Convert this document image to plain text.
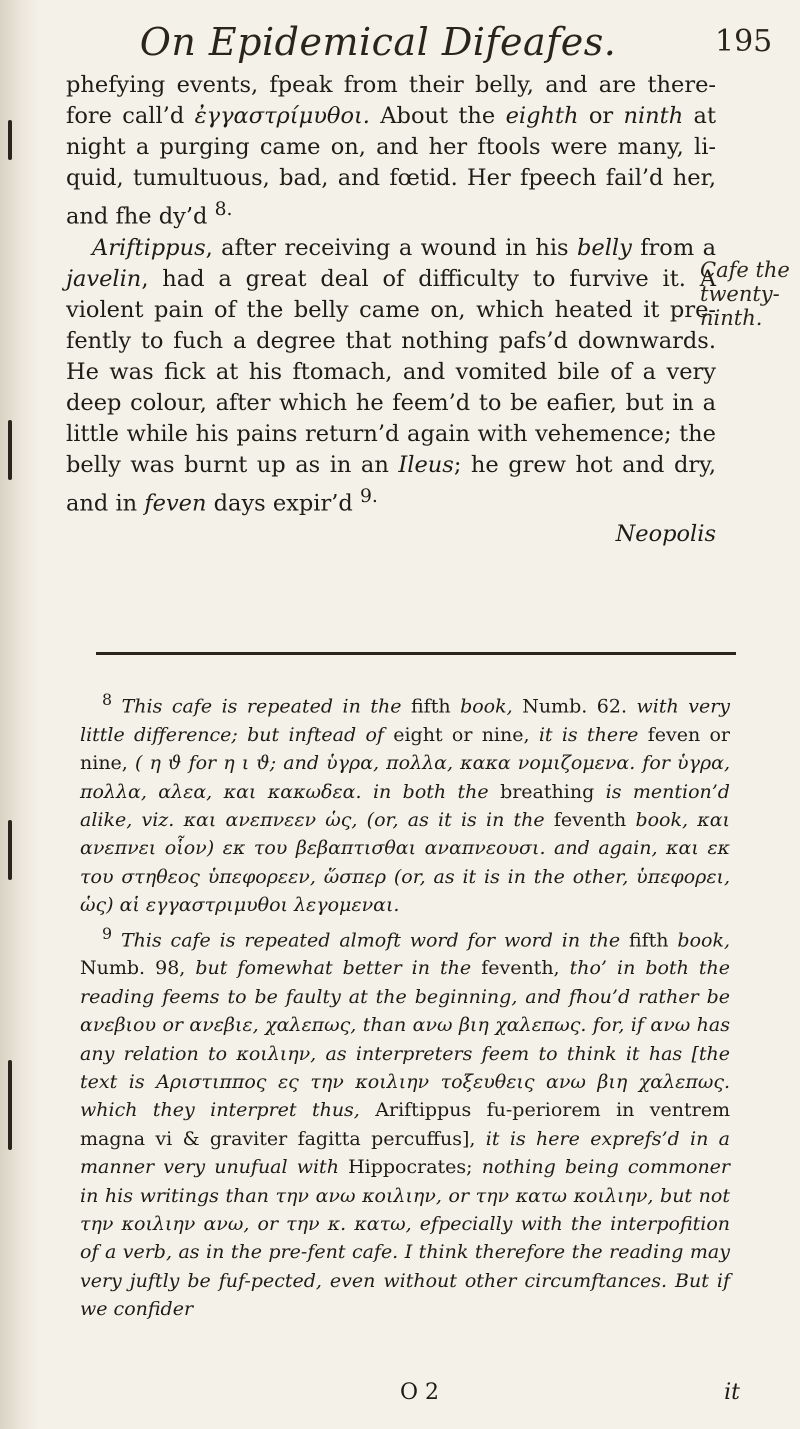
On Epidemical Difeafes.	195

phefying events, fpeak from their belly, and are there-fore call’d ἐγγαστρίμυθοι. About the eighth or ninth at night a purging came on, and her ftools were many, li-quid, tumultuous, bad, and fœtid. Her fpeech fail’d her, and fhe dy’d $^{8.}$

Ariftippus, after receiving a wound in his belly from a javelin, had a great deal of difficulty to furvive it. A violent pain of the belly came on, which heated it pre-fently to fuch a degree that nothing pafs’d downwards. He was fick at his ftomach, and vomited bile of a very deep colour, after which he feem’d to be eafier, but in a little while his pains return’d again with vehemence; the belly was burnt up as in an Ileus; he grew hot and dry, and in feven days expir’d $^{9.}$

Neopolis

Cafe the
twenty-
ninth.

$^8$ This cafe is repeated in the fifth book, Numb. 62. with very little difference; but inftead of eight or nine, it is there feven or nine, ( η ϑ for η ι ϑ; and ὑγρα, πολλα, κακα νομιζομενα. for ὑγρα, πολλα, αλεα, και κακωδεα. in both the breathing is mention’d alike, viz. και ανεπνεεν ὡς, (or, as it is in the feventh book, και ανεπνει οἷον) εκ του βεβαπτισθαι αναπνεουσι. and again, και εκ του στηθεος ὑπεφορεεν, ὥσπερ (or, as it is in the other, ὑπεφορει, ὡς) αἱ εγγαστριμυθοι λεγομεναι.

$^9$ This cafe is repeated almoft word for word in the fifth book, Numb. 98, but fomewhat better in the feventh, tho’ in both the reading feems to be faulty at the beginning, and fhou’d rather be ανεβιου or ανεβιε, χαλεπως, than ανω βιη χαλεπως. for, if ανω has any relation to κοιλιην, as interpreters feem to think it has [the text is Αριστιππος ες την κοιλιην τοξευθεις ανω βιη χαλεπως. which they interpret thus, Ariftippus fu-periorem in ventrem magna vi & graviter fagitta percuffus], it is here exprefs’d in a manner very unufual with Hippocrates; nothing being commoner in his writings than την ανω κοιλιην, or την κατω κοιλιην, but not την κοιλιην ανω, or την κ. κατω, efpecially with the interpofition of a verb, as in the pre-fent cafe. I think therefore the reading may very juftly be fuf-pected, even without other circumftances. But if we confider

O 2	it
